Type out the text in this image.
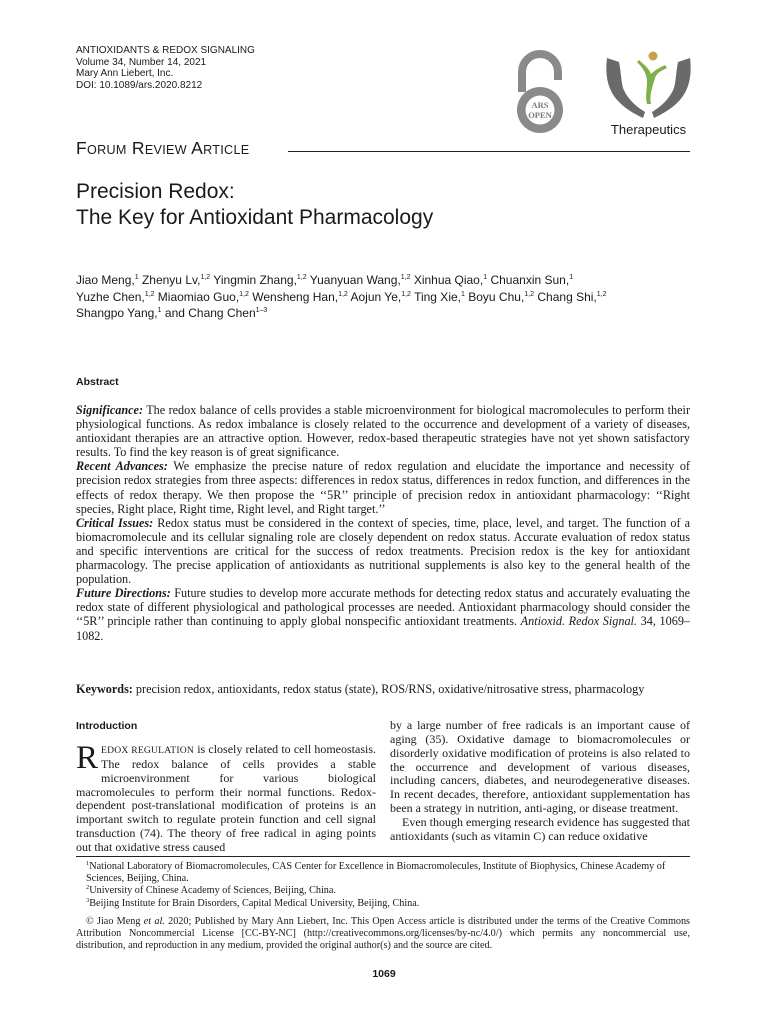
ANTIOXIDANTS & REDOX SIGNALING
Volume 34, Number 14, 2021
Mary Ann Liebert, Inc.
DOI: 10.1089/ars.2020.8212
ARS
OPEN
Therapeutics
FORUM REVIEW ARTICLE
Precision Redox:
The Key for Antioxidant Pharmacology
Jiao Meng,$^1$ Zhenyu Lv,$^{1,2}$ Yingmin Zhang,$^{1,2}$ Yuanyuan Wang,$^{1,2}$ Xinhua Qiao,$^1$ Chuanxin Sun,$^1$
Yuzhe Chen,$^{1,2}$ Miaomiao Guo,$^{1,2}$ Wensheng Han,$^{1,2}$ Aojun Ye,$^{1,2}$ Ting Xie,$^1$ Boyu Chu,$^{1,2}$ Chang Shi,$^{1,2}$
Shangpo Yang,$^1$ and Chang Chen$^{1-3}$
Abstract

Significance: The redox balance of cells provides a stable microenvironment for biological macromolecules to perform their physiological functions. As redox imbalance is closely related to the occurrence and development of a variety of diseases, antioxidant therapies are an attractive option. However, redox-based therapeutic strategies have not yet shown satisfactory results. To find the key reason is of great significance.

Recent Advances: We emphasize the precise nature of redox regulation and elucidate the importance and necessity of precision redox strategies from three aspects: differences in redox status, differences in redox function, and differences in the effects of redox therapy. We then propose the ‘‘5R’’ principle of precision redox in antioxidant pharmacology: ‘‘Right species, Right place, Right time, Right level, and Right target.’’

Critical Issues: Redox status must be considered in the context of species, time, place, level, and target. The function of a biomacromolecule and its cellular signaling role are closely dependent on redox status. Accurate evaluation of redox status and specific interventions are critical for the success of redox treatments. Precision redox is the key for antioxidant pharmacology. The precise application of antioxidants as nutritional supplements is also key to the general health of the population.

Future Directions: Future studies to develop more accurate methods for detecting redox status and accurately evaluating the redox state of different physiological and pathological processes are needed. Antioxidant pharmacology should consider the ‘‘5R’’ principle rather than continuing to apply global nonspecific antioxidant treatments. Antioxid. Redox Signal. 34, 1069–1082.

Keywords: precision redox, antioxidants, redox status (state), ROS/RNS, oxidative/nitrosative stress, pharmacology
Introduction

REDOX REGULATION is closely related to cell homeostasis. The redox balance of cells provides a stable microenvironment for various biological macromolecules to perform their normal functions. Redox-dependent post-translational modification of proteins is an important switch to regulate protein function and cell signal transduction (74). The theory of free radical in aging points out that oxidative stress caused

by a large number of free radicals is an important cause of aging (35). Oxidative damage to biomacromolecules or disorderly oxidative modification of proteins is also related to the occurrence and development of various diseases, including cancers, diabetes, and neurodegenerative diseases. In recent decades, therefore, antioxidant supplementation has been a strategy in nutrition, anti-aging, or disease treatment.

Even though emerging research evidence has suggested that antioxidants (such as vitamin C) can reduce oxidative

$^1$National Laboratory of Biomacromolecules, CAS Center for Excellence in Biomacromolecules, Institute of Biophysics, Chinese Academy of Sciences, Beijing, China.

$^2$University of Chinese Academy of Sciences, Beijing, China.

$^3$Beijing Institute for Brain Disorders, Capital Medical University, Beijing, China.

© Jiao Meng et al. 2020; Published by Mary Ann Liebert, Inc. This Open Access article is distributed under the terms of the Creative Commons Attribution Noncommercial License [CC-BY-NC] (http://creativecommons.org/licenses/by-nc/4.0/) which permits any noncommercial use, distribution, and reproduction in any medium, provided the original author(s) and the source are cited.

1069
